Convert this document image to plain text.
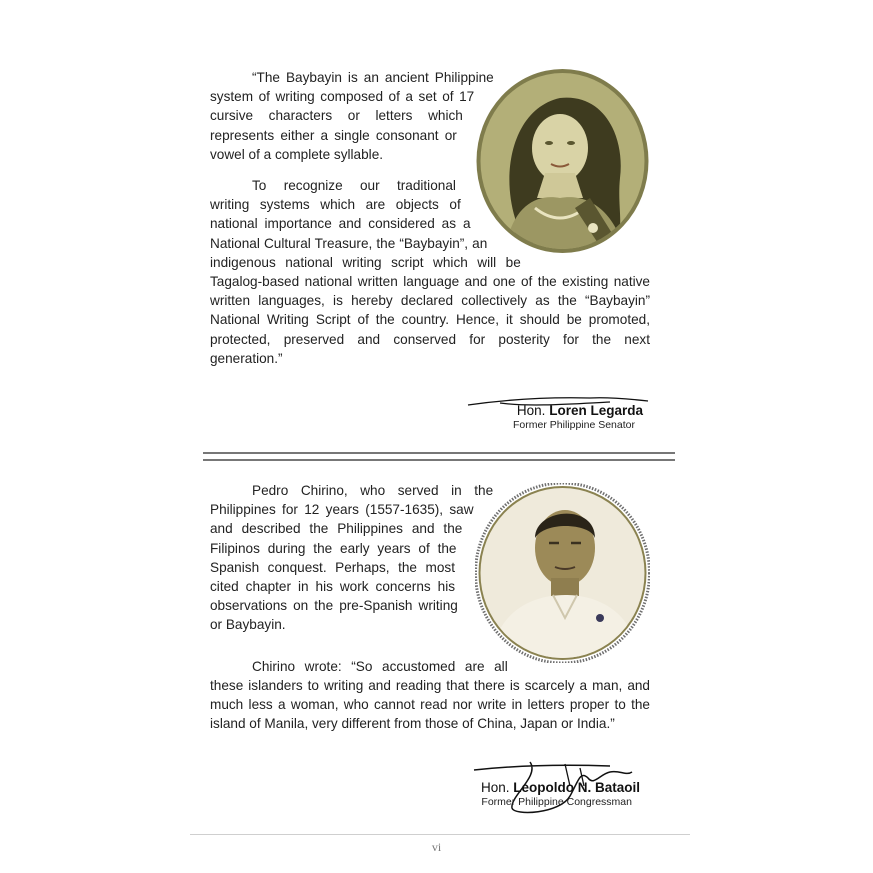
“The Baybayin is an ancient Philippine system of writing composed of a set of 17 cursive characters or letters which represents either a single consonant or vowel of a complete syllable.

To recognize our traditional writing systems which are objects of national importance and considered as a National Cultural Treasure, the “Baybayin”, an indigenous national writing script which will be Tagalog-based national written language and one of the existing native written languages, is hereby declared collectively as the “Baybayin” National Writing Script of the country. Hence, it should be promoted, protected, preserved and conserved for posterity for the next generation.”

Hon. Loren Legarda
Former Philippine Senator

Pedro Chirino, who served in the Philippines for 12 years (1557-1635), saw and described the Philippines and the Filipinos during the early years of the Spanish conquest. Perhaps, the most cited chapter in his work concerns his observations on the pre-Spanish writing or Baybayin.

Chirino wrote: “So accustomed are all these islanders to writing and reading that there is scarcely a man, and much less a woman, who cannot read nor write in letters proper to the island of Manila, very different from those of China, Japan or India.”

Hon. Leopoldo N. Bataoil
Former Philippine Congressman
vi
